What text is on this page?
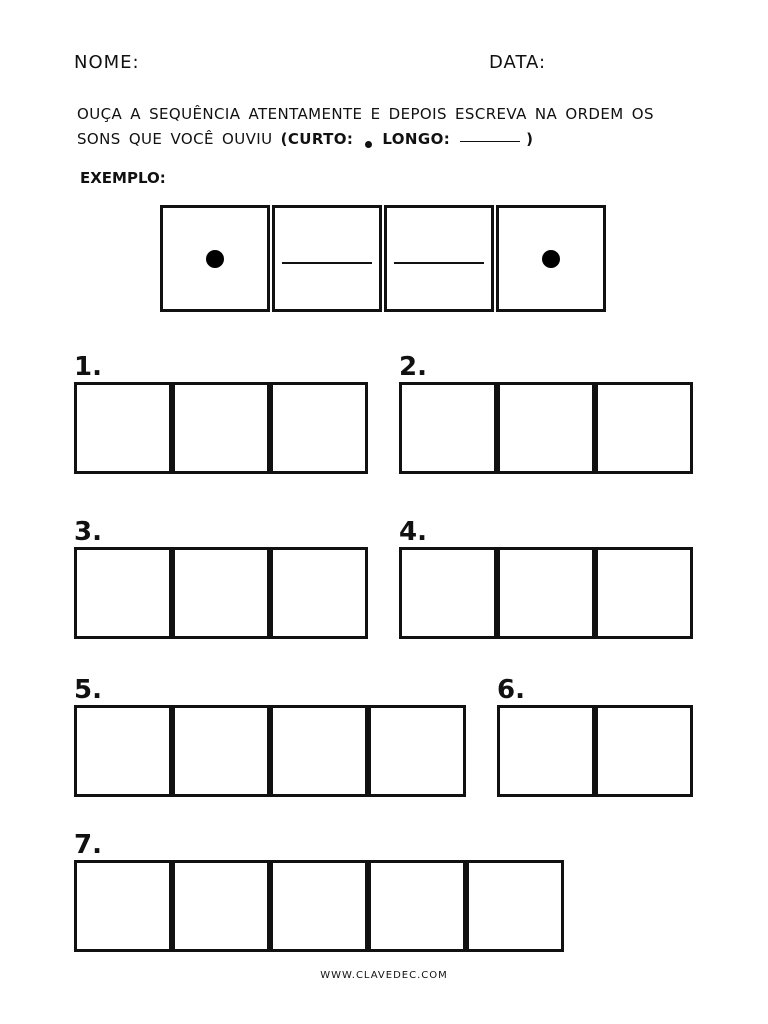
NOME:	DATA:
OUÇA A SEQUÊNCIA ATENTAMENTE E DEPOIS ESCREVA NA ORDEM OS
SONS QUE VOCÊ OUVIU (CURTO: LONGO:	)
EXEMPLO:
1.	2.
3.	4.
5.	6.
7.
WWW.CLAVEDEC.COM
